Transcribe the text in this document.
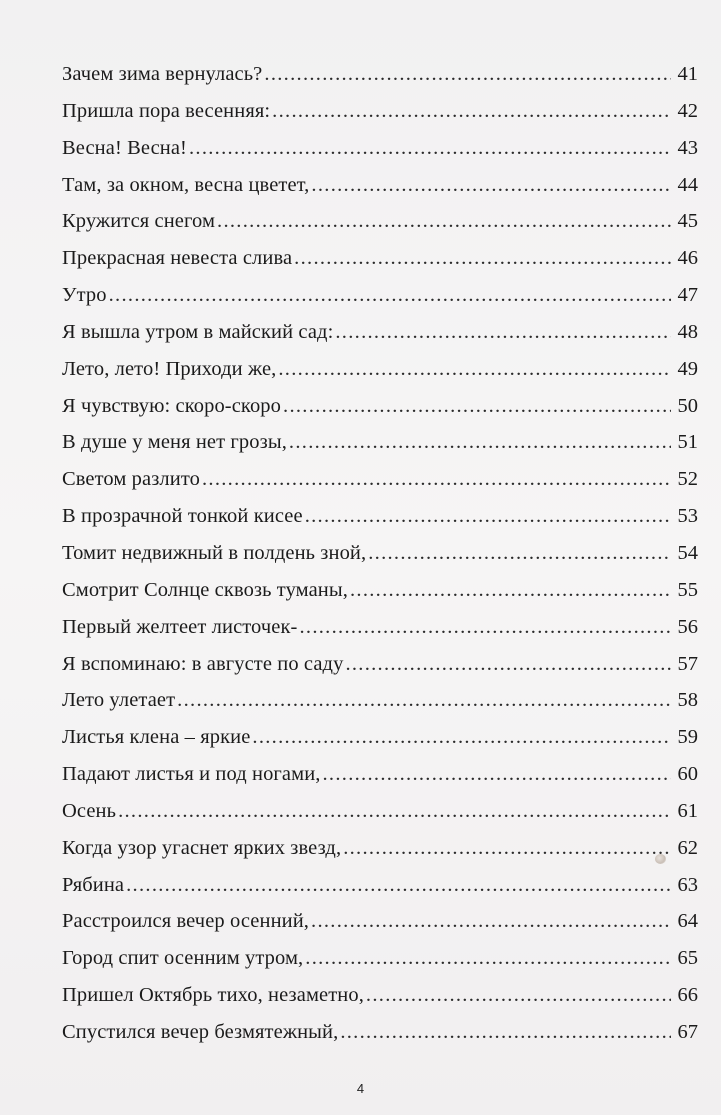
Зачем зима вернулась? .....	41
Пришла пора весенняя: .....	42
Весна! Весна! .....	43
Там, за окном, весна цветет, .....	44
Кружится снегом .....	45
Прекрасная невеста слива .....	46
Утро .....	47
Я вышла утром в майский сад: .....	48
Лето, лето! Приходи же, .....	49
Я чувствую: скоро-скоро .....	50
В душе у меня нет грозы, .....	51
Светом разлито .....	52
В прозрачной тонкой кисее .....	53
Томит недвижный в полдень зной, .....	54
Смотрит Солнце сквозь туманы, .....	55
Первый желтеет листочек- .....	56
Я вспоминаю: в августе по саду .....	57
Лето улетает .....	58
Листья клена – яркие .....	59
Падают листья и под ногами, .....	60
Осень .....	61
Когда узор угаснет ярких звезд, .....	62
Рябина .....	63
Расстроился вечер осенний, .....	64
Город спит осенним утром, .....	65
Пришел Октябрь тихо, незаметно, .....	66
Спустился вечер безмятежный, .....	67
4
